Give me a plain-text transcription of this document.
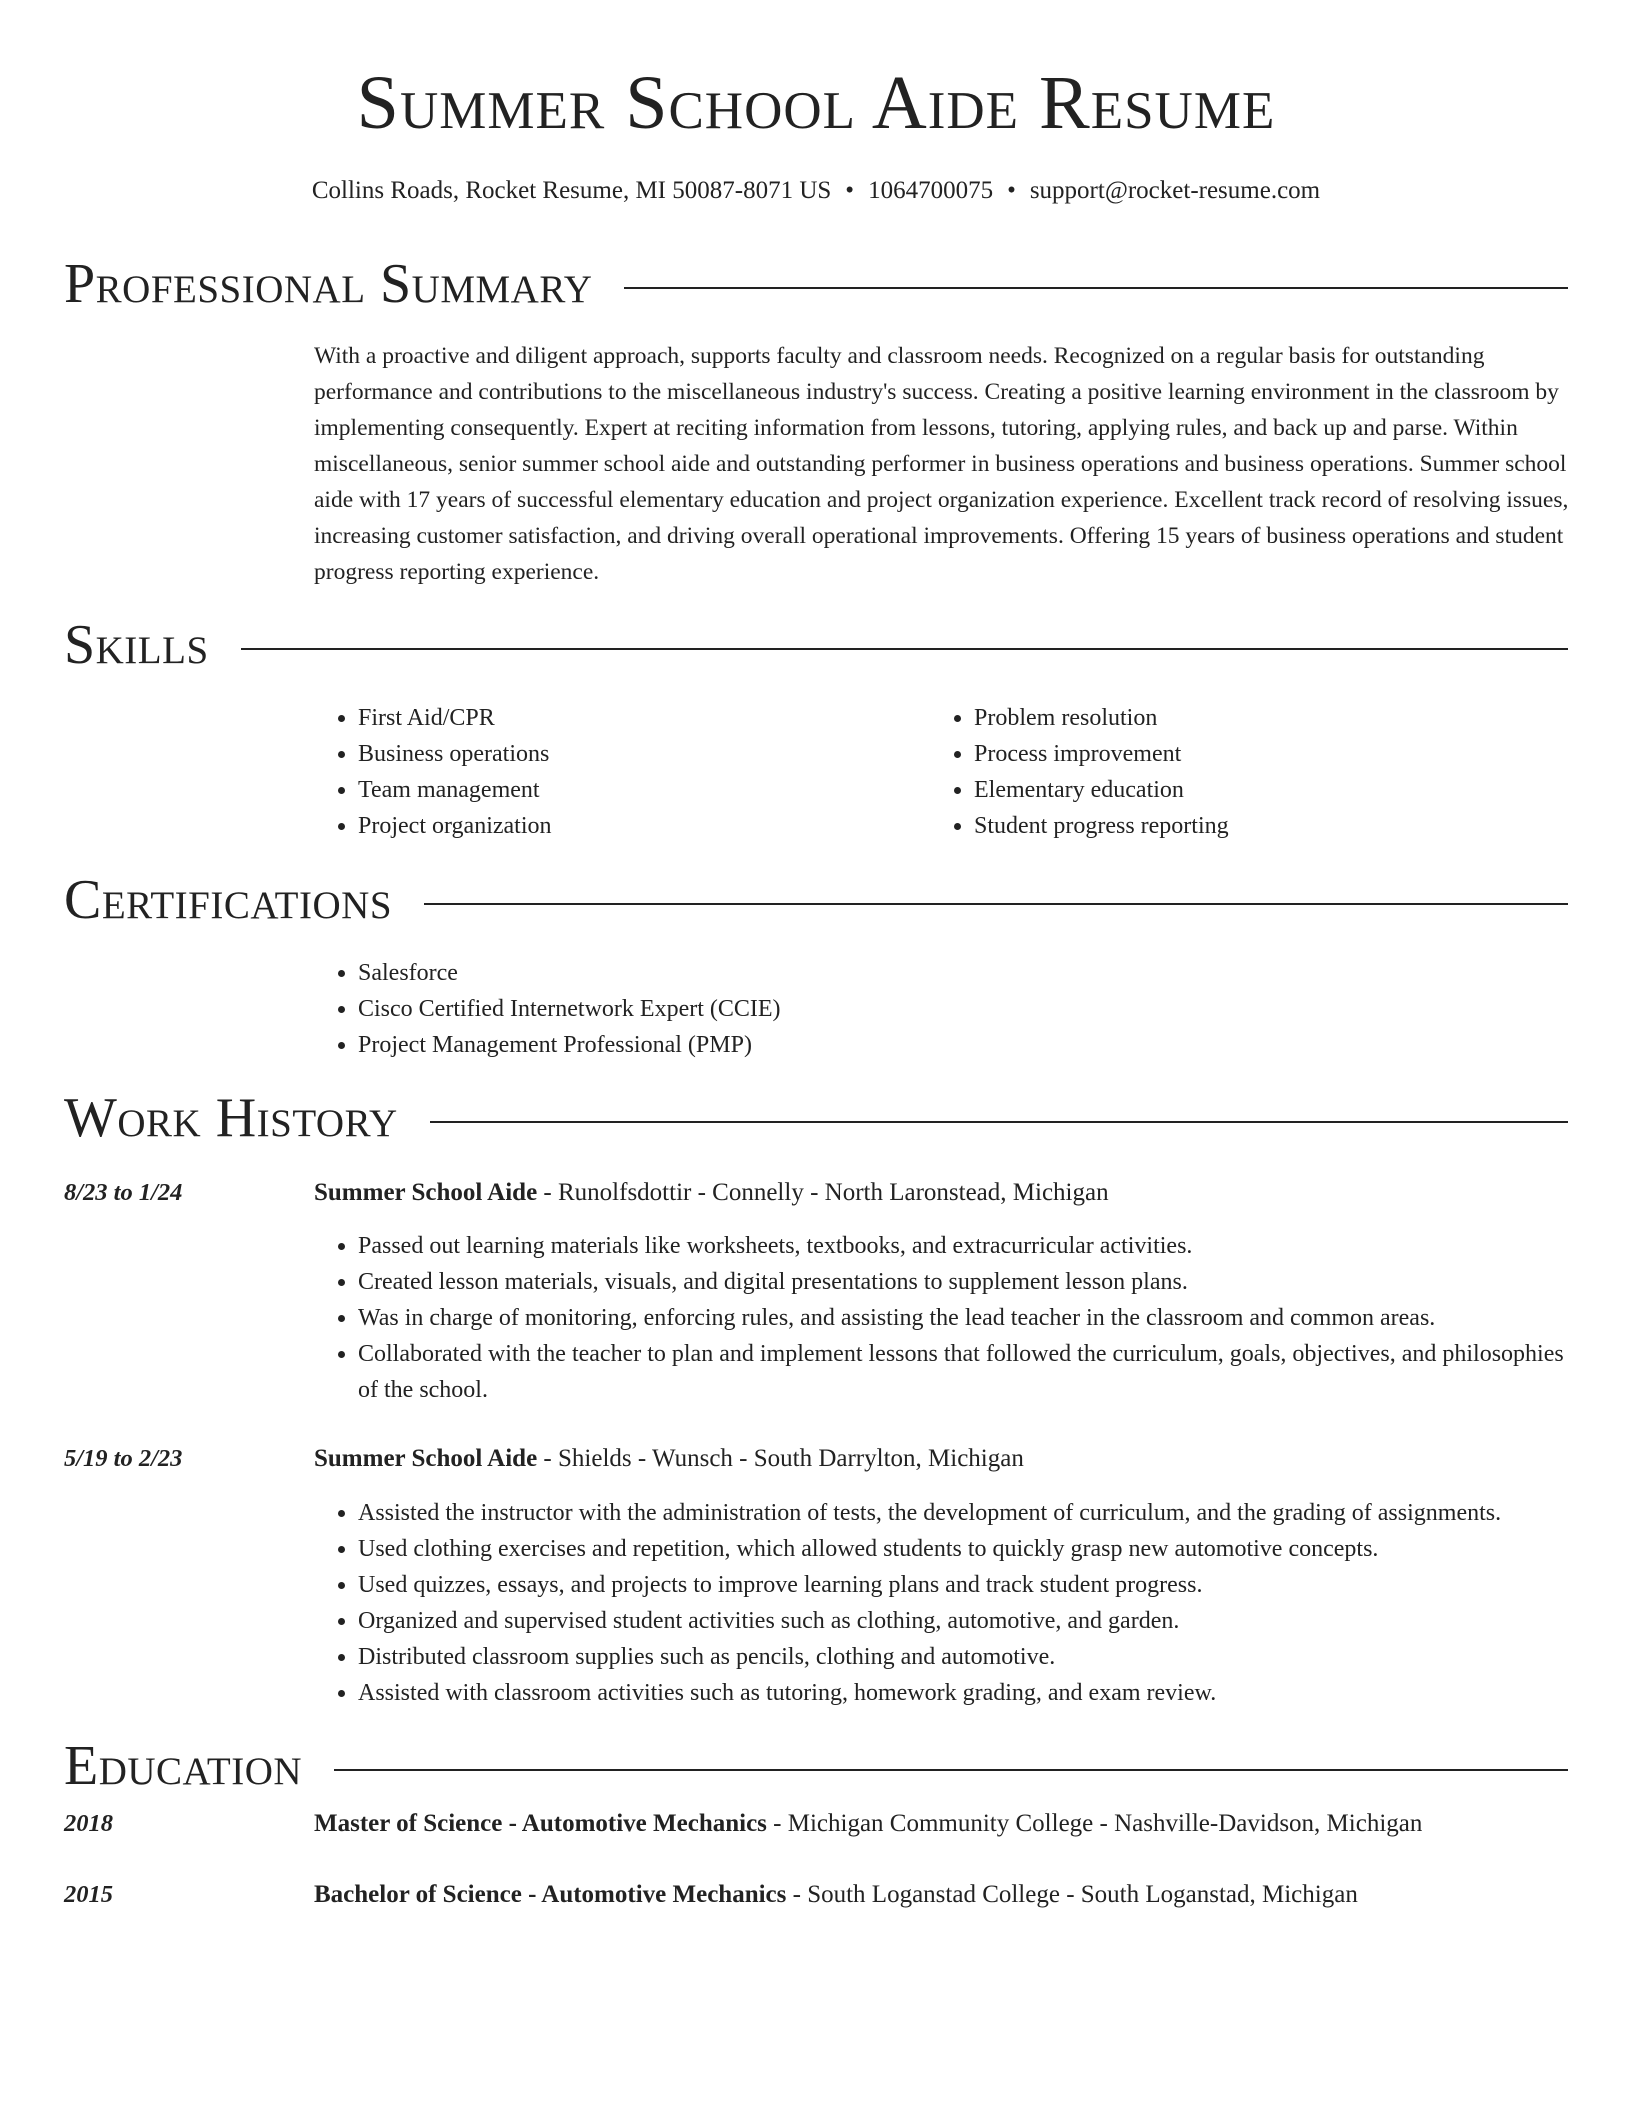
Summer School Aide Resume
Collins Roads, Rocket Resume, MI 50087-8071 US • 1064700075 • support@rocket-resume.com
Professional Summary
With a proactive and diligent approach, supports faculty and classroom needs. Recognized on a regular basis for outstanding performance and contributions to the miscellaneous industry's success. Creating a positive learning environment in the classroom by implementing consequently. Expert at reciting information from lessons, tutoring, applying rules, and back up and parse. Within miscellaneous, senior summer school aide and outstanding performer in business operations and business operations. Summer school aide with 17 years of successful elementary education and project organization experience. Excellent track record of resolving issues, increasing customer satisfaction, and driving overall operational improvements. Offering 15 years of business operations and student progress reporting experience.
Skills
• First Aid/CPR
• Business operations
• Team management
• Project organization
• Problem resolution
• Process improvement
• Elementary education
• Student progress reporting
Certifications
• Salesforce
• Cisco Certified Internetwork Expert (CCIE)
• Project Management Professional (PMP)
Work History
8/23 to 1/24	Summer School Aide - Runolfsdottir - Connelly - North Laronstead, Michigan
• Passed out learning materials like worksheets, textbooks, and extracurricular activities.
• Created lesson materials, visuals, and digital presentations to supplement lesson plans.
• Was in charge of monitoring, enforcing rules, and assisting the lead teacher in the classroom and common areas.
• Collaborated with the teacher to plan and implement lessons that followed the curriculum, goals, objectives, and philosophies of the school.
5/19 to 2/23	Summer School Aide - Shields - Wunsch - South Darrylton, Michigan
• Assisted the instructor with the administration of tests, the development of curriculum, and the grading of assignments.
• Used clothing exercises and repetition, which allowed students to quickly grasp new automotive concepts.
• Used quizzes, essays, and projects to improve learning plans and track student progress.
• Organized and supervised student activities such as clothing, automotive, and garden.
• Distributed classroom supplies such as pencils, clothing and automotive.
• Assisted with classroom activities such as tutoring, homework grading, and exam review.
Education
2018	Master of Science - Automotive Mechanics - Michigan Community College - Nashville-Davidson, Michigan
2015	Bachelor of Science - Automotive Mechanics - South Loganstad College - South Loganstad, Michigan
